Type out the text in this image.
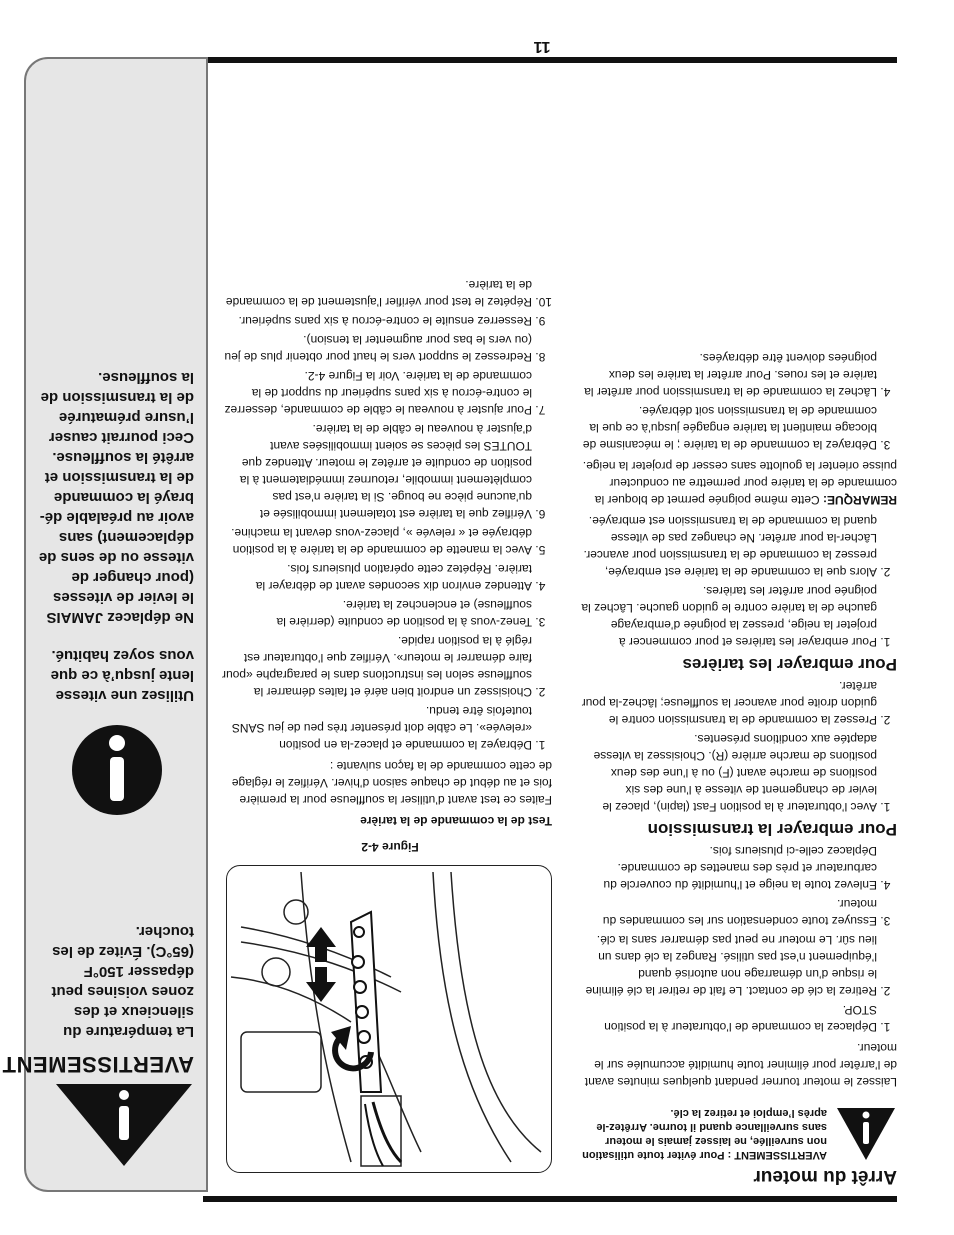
11
Arrêt du moteur
AVERTISSEMENT : Pour éviter toute utilisation non surveillée, ne laissez jamais le moteur sans surveillance quand il tourne. Arrêtez-le après l’emploi et retirez la clé.

Laissez le moteur tourner pendant quelques minutes avant de l’arrêter pour éliminer toute humidité accumulée sur le moteur.

1. Déplacez la commande de l’obturateur à la position STOP.
2. Retirez la clé de contact. Le fait de retirer la clé élimine le risque d’un démarrage non autorisé quand l’équipement n’est pas utilisé. Rangez la clé dans un lieu sûr. Le moteur ne peut pas démarrer sans la clé.
3. Essuyez toute condensation sur les commandes du moteur.
4. Enlevez toute la neige et l’humidité du couvercle du carburateur et près des manettes de commande. Déplacez celle-ci plusieurs fois.
Pour embrayer la transmission
1. Avec l’obturateur à la position Fast (lapin), placez le levier de changement de vitesse à l’une des six positions de marche avant (F) ou à l’une des deux positions de marche arrière (R). Choisissez la vitesse adaptée aux conditions présentes.
2. Pressez la commande de la transmission contre le guidon droite pour avancer la souffleuse; lâchez-la pour arrêter.
Pour embrayer les tarières
1. Pour embrayer les tarières et pour commencer à projeter la neige, pressez la poignée d’embrayage gauche de la tarière contre le guidon gauche. Lâchez la poignée pour arrêter les tarières.
2. Alors que la commande de la tarière est embrayée, pressez la commande de la transmission pour avancer. Lâcher-la pour arrêter. Ne changez pas de vitesse quand la commande de la transmission est embrayée.

REMARQUE: Cette même poignée permet de bloquer la commande de la tarière pour permettre au conducteur puisse orienter la goulotte sans cesser de projeter la neige.

3. Débrayez la commande de la tarière ; le mécanisme de blocage maintient la tarière engagée jusqu’à ce que la commande de la transmission soit débrayée.
4. Lâchez la commande de la transmission pour arrêter la tarière et les roues. Pour arrêter la tarière les deux poignées doivent être débrayées.
Figure 4-2
Test de la commande de la tarière

Faites ce test avant d’utiliser la souffleuse pour la première fois et au début de chaque saison d’hiver. Vérifiez le réglage de cette commande de la façon suivante :

1. Débrayez la commande et placez-la en position «relevée». Le câble doit présenter très peu de jeu SANS toutefois être tendu.
2. Choisissez un endroit bien aéré et faites démarrer la souffleuse selon les instructions dans le paragraphe «pour faire démarrer le moteur». Vérifiez que l’obturateur est réglé à la position rapide.
3. Tenez-vous à la position de conduite (derrière la souffleuse) et enclenchez la tarière.
4. Attendez environ dix secondes avant de débrayer la tarière. Répétez cette opération plusieurs fois.
5. Avec la manette de commande de la tarière à la position débrayée et « relevée », placez-vous devant la machine.
6. Vérifiez que la tarière est totalement immobilisée et qu’aucune pièce ne bouge. Si la tarière n’est pas complètement immobile, retournez immédiatement à la position de conduite et arrêtez le moteur. Attendez que TOUTES les pièces se soient immobilisées avant d’ajuster à nouveau le câble de la tarière.
7. Pour ajuster à nouveau le câble de commande, desserrez le contre-écrou à six pans supérieur du support de la commande de la tarière. Voir la Figure 4-2.
8. Redressez le support vers le haut pour obtenir plus de jeu (ou vers le bas pour augmenter la tension).
9. Resserrez ensuite le contre-écrou à six pans supérieur.
10. Répétez le test pour vérifier l’ajustement de la commande de la tarière.
AVERTISSEMENT
La température du silencieux et des zones voisines peut dépasser 150°F (65°C). Évitez de les toucher.
Utilisez une vitesse lente jusqu’à ce que vous soyez habitué.
Ne déplacez JAMAIS le levier de vitesses (pour changer de vitesse ou de sens de déplacement) sans avoir au préalable dé-brayé la commande de la transmission et arrêté la souffleuse. Ceci pourrait causer l’usure prématurée de la transmission de la souffleuse.
